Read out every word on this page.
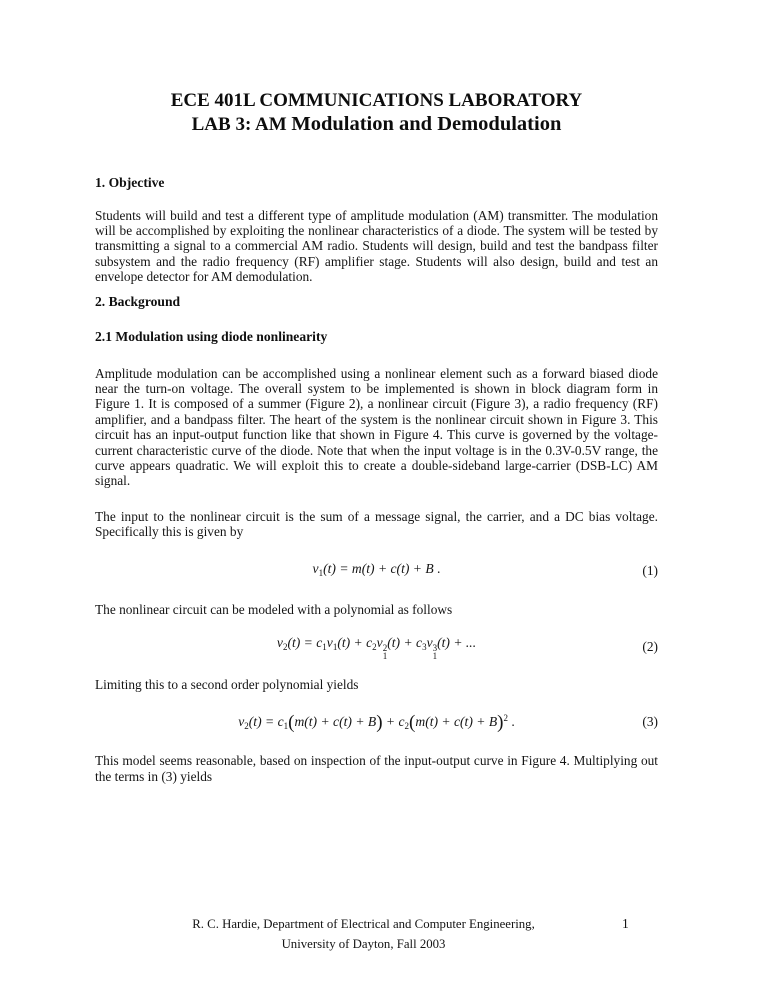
ECE 401L COMMUNICATIONS LABORATORY
LAB 3: AM Modulation and Demodulation
1. Objective

Students will build and test a different type of amplitude modulation (AM) transmitter. The modulation will be accomplished by exploiting the nonlinear characteristics of a diode. The system will be tested by transmitting a signal to a commercial AM radio. Students will design, build and test the bandpass filter subsystem and the radio frequency (RF) amplifier stage. Students will also design, build and test an envelope detector for AM demodulation.

2. Background
2.1 Modulation using diode nonlinearity

Amplitude modulation can be accomplished using a nonlinear element such as a forward biased diode near the turn-on voltage. The overall system to be implemented is shown in block diagram form in Figure 1. It is composed of a summer (Figure 2), a nonlinear circuit (Figure 3), a radio frequency (RF) amplifier, and a bandpass filter. The heart of the system is the nonlinear circuit shown in Figure 3. This circuit has an input-output function like that shown in Figure 4. This curve is governed by the voltage-current characteristic curve of the diode. Note that when the input voltage is in the 0.3V-0.5V range, the curve appears quadratic. We will exploit this to create a double-sideband large-carrier (DSB-LC) AM signal.

The input to the nonlinear circuit is the sum of a message signal, the carrier, and a DC bias voltage. Specifically this is given by

$v_1(t) = m(t) + c(t) + B$ .	(1)

The nonlinear circuit can be modeled with a polynomial as follows

$v_2(t) = c_1v_1(t) + c_2v$ 2
1
$(t) + c_3v$ 3
1
(t) + ...	(2)

Limiting this to a second order polynomial yields

$v_2(t) = c_1(m(t) + c(t) + B) + c_2(m(t) + c(t) + B)^2$ .	(3)

This model seems reasonable, based on inspection of the input-output curve in Figure 4. Multiplying out the terms in (3) yields

R. C. Hardie, Department of Electrical and Computer Engineering,
University of Dayton, Fall 2003
1
